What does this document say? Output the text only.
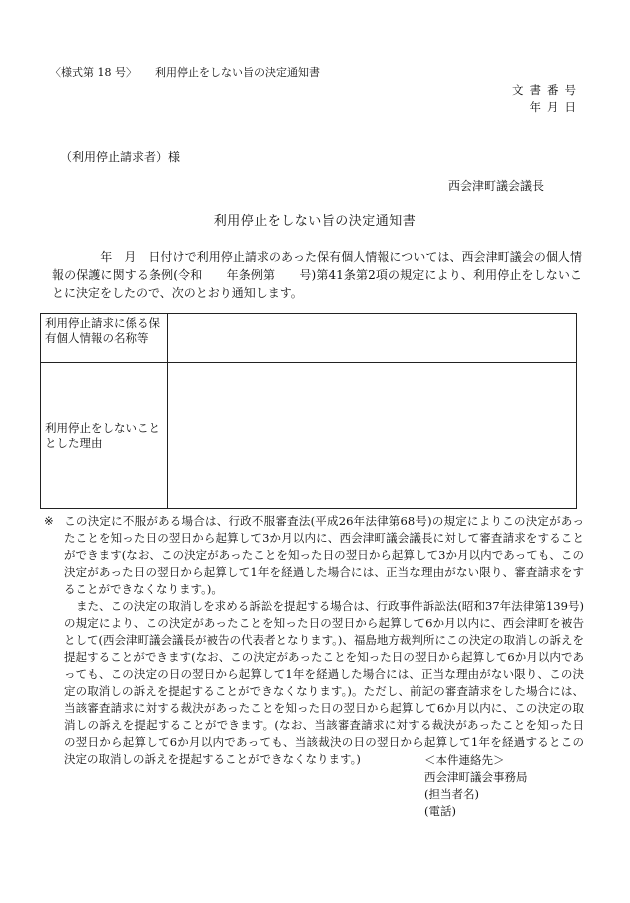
〈様式第 18 号〉 利用停止をしない旨の決定通知書
文書番号
年月日
（利用停止請求者）様
西会津町議会議長
利用停止をしない旨の決定通知書
　　　　年　月　日付けで利用停止請求のあった保有個人情報については、西会津町議会の個人情報の保護に関する条例(令和　　年条例第　　号)第41条第2項の規定により、利用停止をしないことに決定をしたので、次のとおり通知します。
利用停止請求に係る保有個人情報の名称等	
利用停止をしないこととした理由	

※ この決定に不服がある場合は、行政不服審査法(平成26年法律第68号)の規定によりこの決定があったことを知った日の翌日から起算して3か月以内に、西会津町議会議長に対して審査請求をすることができます(なお、この決定があったことを知った日の翌日から起算して3か月以内であっても、この決定があった日の翌日から起算して1年を経過した場合には、正当な理由がない限り、審査請求をすることができなくなります。)。

また、この決定の取消しを求める訴訟を提起する場合は、行政事件訴訟法(昭和37年法律第139号)の規定により、この決定があったことを知った日の翌日から起算して6か月以内に、西会津町を被告として(西会津町議会議長が被告の代表者となります。)、福島地方裁判所にこの決定の取消しの訴えを提起することができます(なお、この決定があったことを知った日の翌日から起算して6か月以内であっても、この決定の日の翌日から起算して1年を経過した場合には、正当な理由がない限り、この決定の取消しの訴えを提起することができなくなります。)。ただし、前記の審査請求をした場合には、当該審査請求に対する裁決があったことを知った日の翌日から起算して6か月以内に、この決定の取消しの訴えを提起することができます。(なお、当該審査請求に対する裁決があったことを知った日の翌日から起算して6か月以内であっても、当該裁決の日の翌日から起算して1年を経過するとこの決定の取消しの訴えを提起することができなくなります。)	＜本件連絡先＞
西会津町議会事務局
(担当者名)
(電話)
